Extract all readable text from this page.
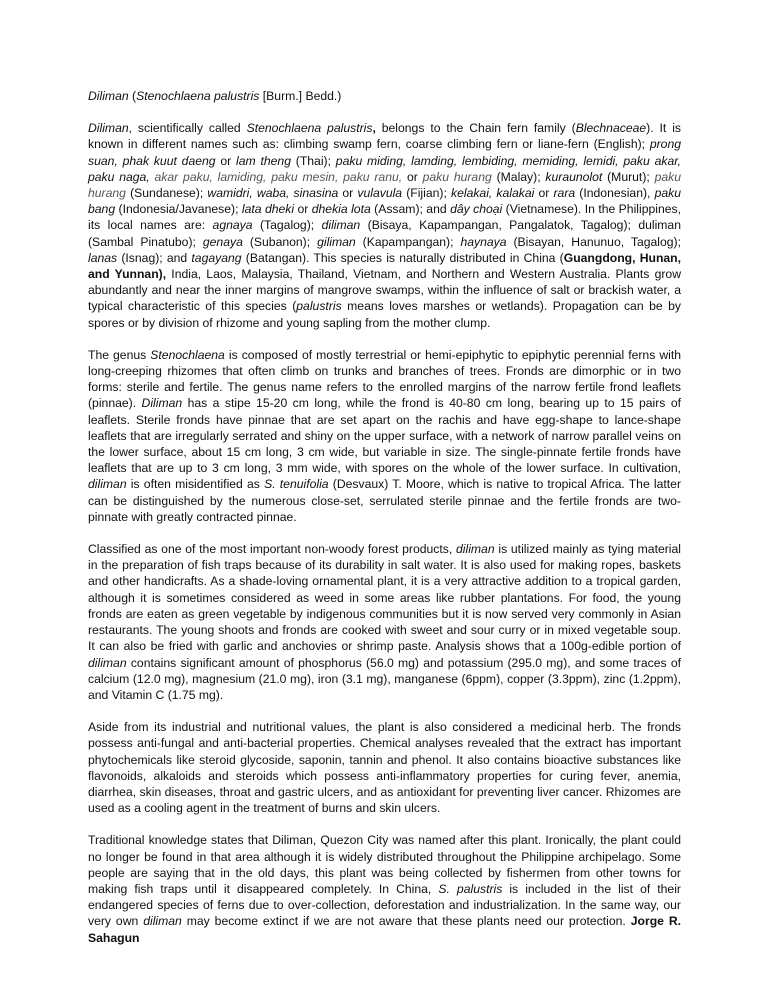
Diliman (Stenochlaena palustris [Burm.] Bedd.)

Diliman, scientifically called Stenochlaena palustris, belongs to the Chain fern family (Blechnaceae). It is known in different names such as: climbing swamp fern, coarse climbing fern or liane-fern (English); prong suan, phak kuut daeng or lam theng (Thai); paku miding, lamding, lembiding, memiding, lemidi, paku akar, paku naga, akar paku, lamiding, paku mesin, paku ranu, or paku hurang (Malay); kuraunolot (Murut); paku hurang (Sundanese); wamidri, waba, sinasina or vulavula (Fijian); kelakai, kalakai or rara (Indonesian), paku bang (Indonesia/Javanese); lata dheki or dhekia lota (Assam); and dây choại (Vietnamese). In the Philippines, its local names are: agnaya (Tagalog); diliman (Bisaya, Kapampangan, Pangalatok, Tagalog); duliman (Sambal Pinatubo); genaya (Subanon); giliman (Kapampangan); haynaya (Bisayan, Hanunuo, Tagalog); lanas (Isnag); and tagayang (Batangan). This species is naturally distributed in China (Guangdong, Hunan, and Yunnan), India, Laos, Malaysia, Thailand, Vietnam, and Northern and Western Australia. Plants grow abundantly and near the inner margins of mangrove swamps, within the influence of salt or brackish water, a typical characteristic of this species (palustris means loves marshes or wetlands). Propagation can be by spores or by division of rhizome and young sapling from the mother clump.

The genus Stenochlaena is composed of mostly terrestrial or hemi-epiphytic to epiphytic perennial ferns with long-creeping rhizomes that often climb on trunks and branches of trees. Fronds are dimorphic or in two forms: sterile and fertile. The genus name refers to the enrolled margins of the narrow fertile frond leaflets (pinnae). Diliman has a stipe 15-20 cm long, while the frond is 40-80 cm long, bearing up to 15 pairs of leaflets. Sterile fronds have pinnae that are set apart on the rachis and have egg-shape to lance-shape leaflets that are irregularly serrated and shiny on the upper surface, with a network of narrow parallel veins on the lower surface, about 15 cm long, 3 cm wide, but variable in size. The single-pinnate fertile fronds have leaflets that are up to 3 cm long, 3 mm wide, with spores on the whole of the lower surface. In cultivation, diliman is often misidentified as S. tenuifolia (Desvaux) T. Moore, which is native to tropical Africa. The latter can be distinguished by the numerous close-set, serrulated sterile pinnae and the fertile fronds are two-pinnate with greatly contracted pinnae.

Classified as one of the most important non-woody forest products, diliman is utilized mainly as tying material in the preparation of fish traps because of its durability in salt water. It is also used for making ropes, baskets and other handicrafts. As a shade-loving ornamental plant, it is a very attractive addition to a tropical garden, although it is sometimes considered as weed in some areas like rubber plantations. For food, the young fronds are eaten as green vegetable by indigenous communities but it is now served very commonly in Asian restaurants. The young shoots and fronds are cooked with sweet and sour curry or in mixed vegetable soup. It can also be fried with garlic and anchovies or shrimp paste. Analysis shows that a 100g-edible portion of diliman contains significant amount of phosphorus (56.0 mg) and potassium (295.0 mg), and some traces of calcium (12.0 mg), magnesium (21.0 mg), iron (3.1 mg), manganese (6ppm), copper (3.3ppm), zinc (1.2ppm), and Vitamin C (1.75 mg).

Aside from its industrial and nutritional values, the plant is also considered a medicinal herb. The fronds possess anti-fungal and anti-bacterial properties. Chemical analyses revealed that the extract has important phytochemicals like steroid glycoside, saponin, tannin and phenol. It also contains bioactive substances like flavonoids, alkaloids and steroids which possess anti-inflammatory properties for curing fever, anemia, diarrhea, skin diseases, throat and gastric ulcers, and as antioxidant for preventing liver cancer. Rhizomes are used as a cooling agent in the treatment of burns and skin ulcers.

Traditional knowledge states that Diliman, Quezon City was named after this plant. Ironically, the plant could no longer be found in that area although it is widely distributed throughout the Philippine archipelago. Some people are saying that in the old days, this plant was being collected by fishermen from other towns for making fish traps until it disappeared completely. In China, S. palustris is included in the list of their endangered species of ferns due to over-collection, deforestation and industrialization. In the same way, our very own diliman may become extinct if we are not aware that these plants need our protection. Jorge R. Sahagun
